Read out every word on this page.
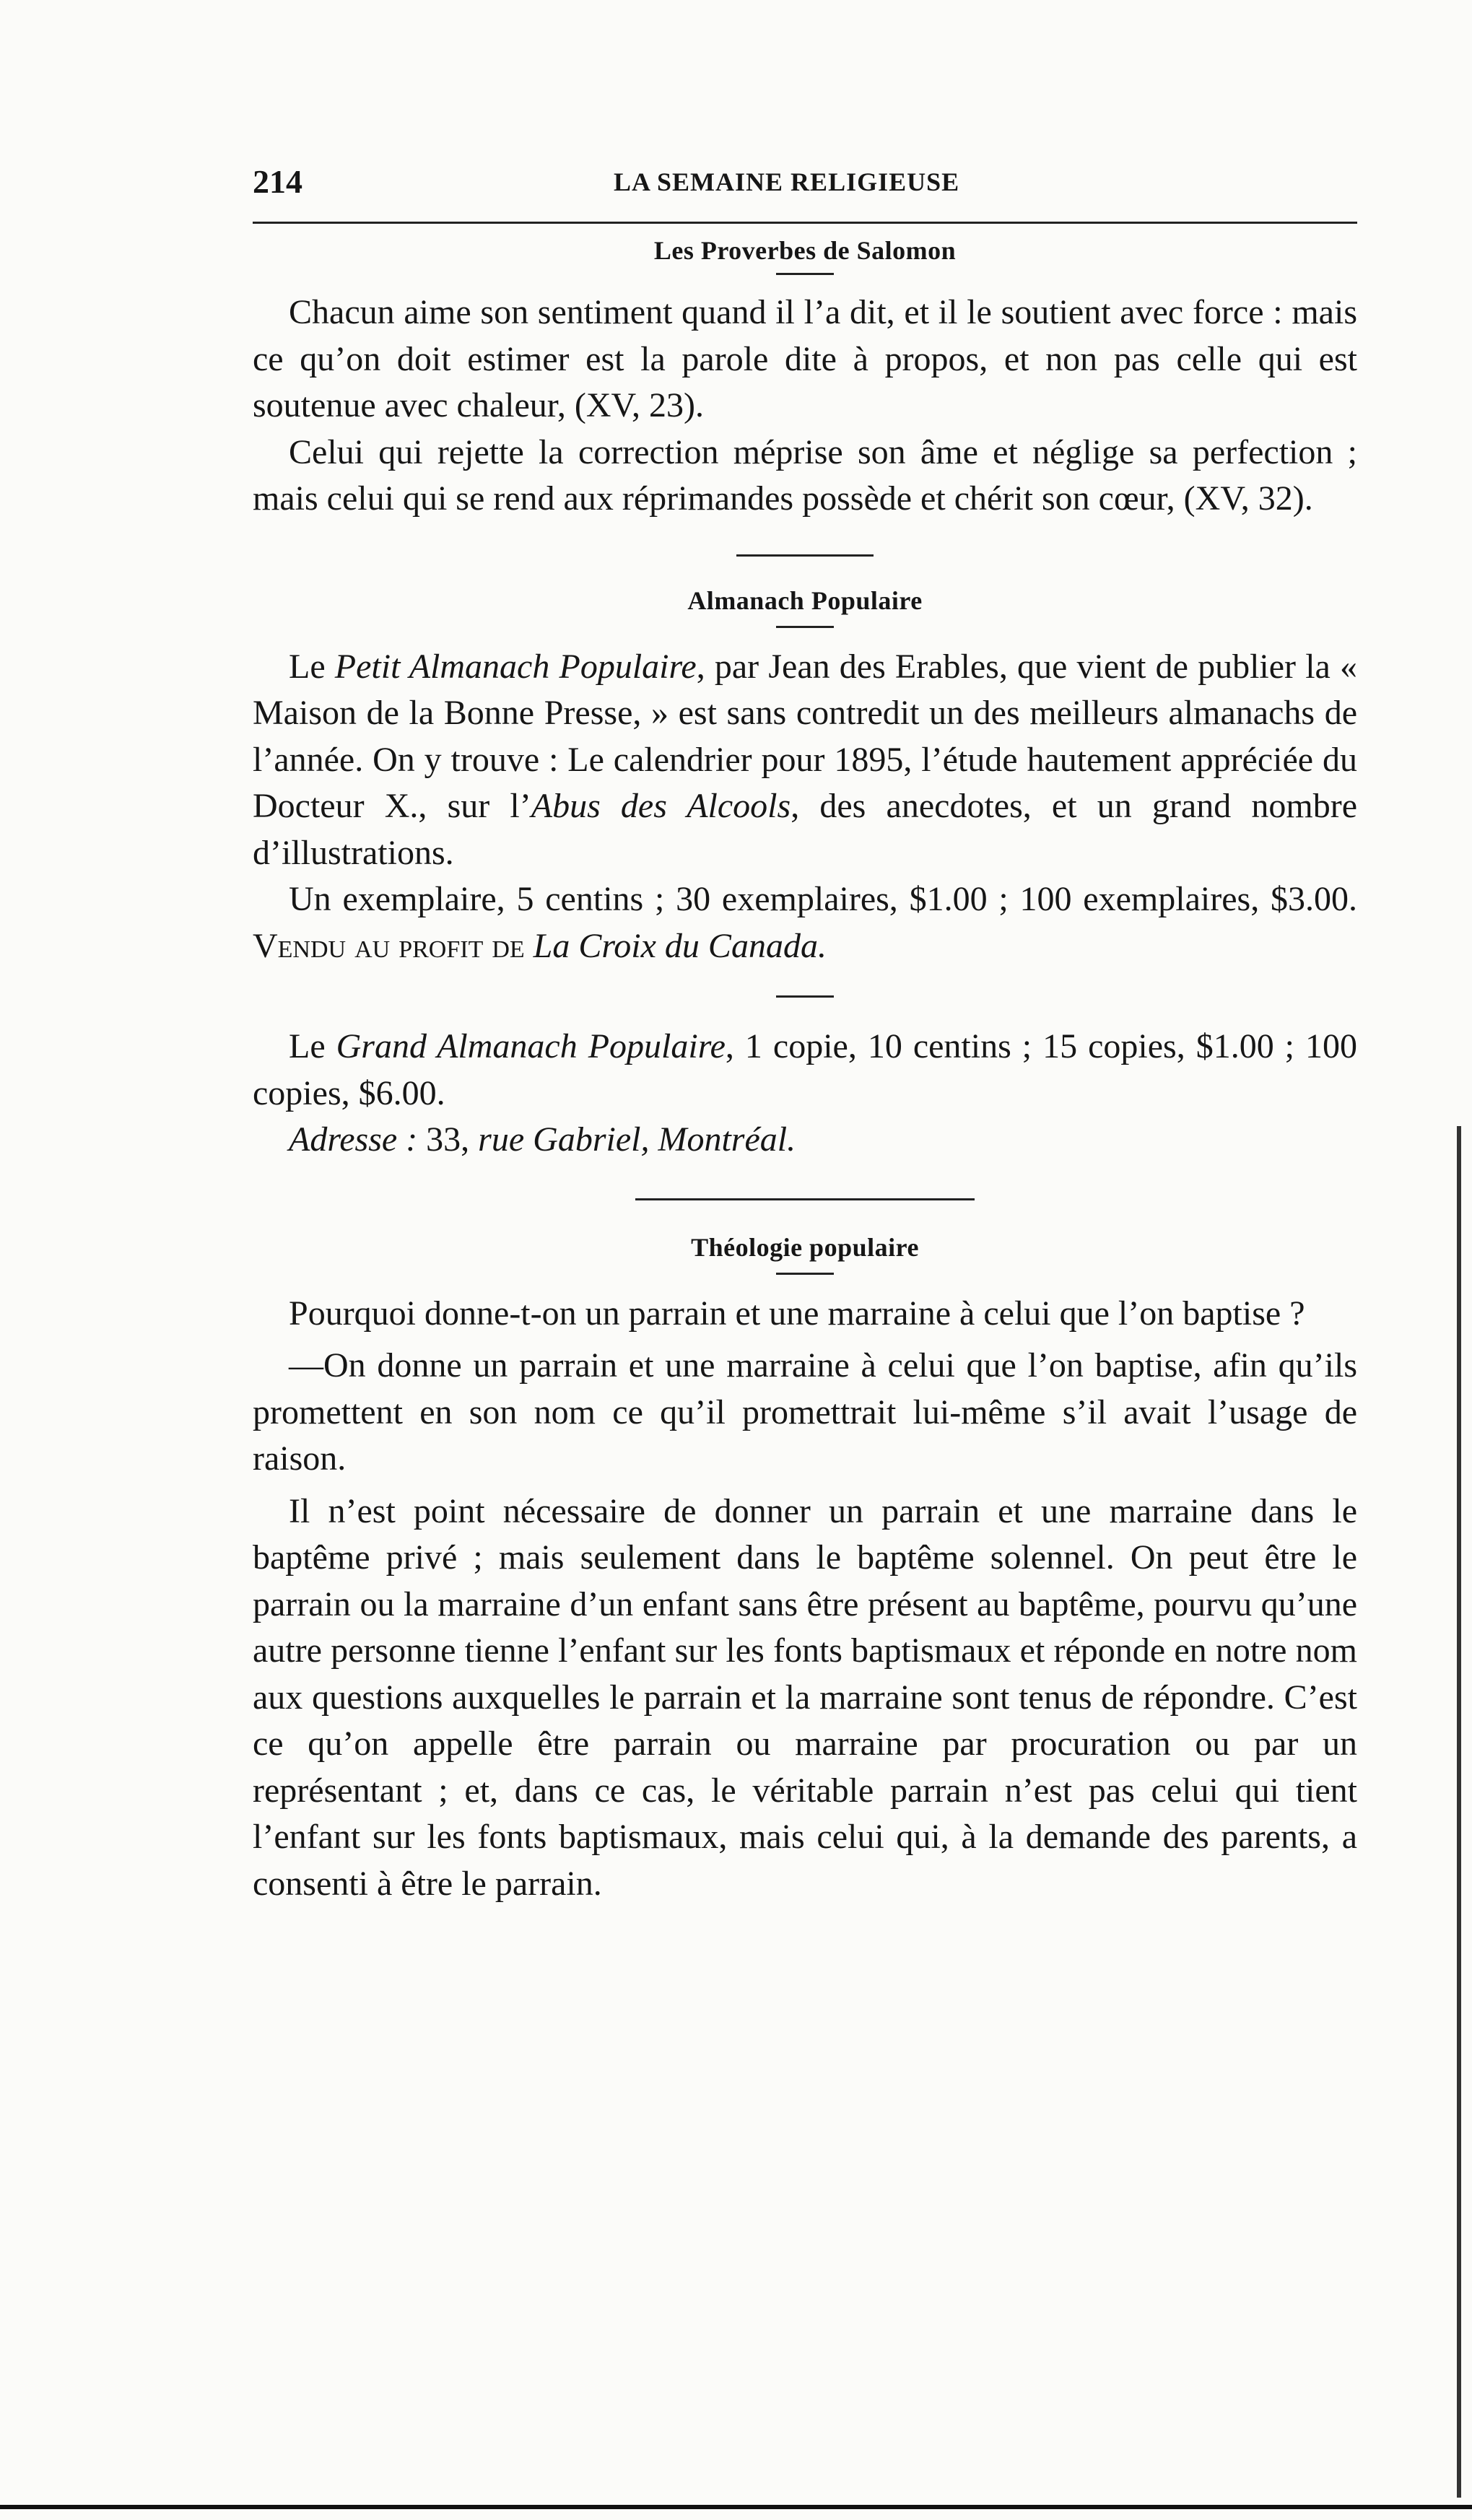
214	LA SEMAINE RELIGIEUSE
Les Proverbes de Salomon

Chacun aime son sentiment quand il l’a dit, et il le soutient avec force : mais ce qu’on doit estimer est la parole dite à propos, et non pas celle qui est soutenue avec chaleur, (XV, 23).

Celui qui rejette la correction méprise son âme et néglige sa perfection ; mais celui qui se rend aux réprimandes possède et chérit son cœur, (XV, 32).

Almanach Populaire

Le Petit Almanach Populaire, par Jean des Erables, que vient de publier la « Maison de la Bonne Presse, » est sans contredit un des meilleurs almanachs de l’année. On y trouve : Le calendrier pour 1895, l’étude hautement appréciée du Docteur X., sur l’Abus des Alcools, des anecdotes, et un grand nombre d’illustrations.

Un exemplaire, 5 centins ; 30 exemplaires, $1.00 ; 100 exemplaires, $3.00. Vendu au profit de La Croix du Canada.

Le Grand Almanach Populaire, 1 copie, 10 centins ; 15 copies, $1.00 ; 100 copies, $6.00.

Adresse : 33, rue Gabriel, Montréal.

Théologie populaire

Pourquoi donne-t-on un parrain et une marraine à celui que l’on baptise ?

—On donne un parrain et une marraine à celui que l’on baptise, afin qu’ils promettent en son nom ce qu’il promettrait lui-même s’il avait l’usage de raison.

Il n’est point nécessaire de donner un parrain et une marraine dans le baptême privé ; mais seulement dans le baptême solennel. On peut être le parrain ou la marraine d’un enfant sans être présent au baptême, pourvu qu’une autre personne tienne l’enfant sur les fonts baptismaux et réponde en notre nom aux questions auxquelles le parrain et la marraine sont tenus de répondre. C’est ce qu’on appelle être parrain ou marraine par procuration ou par un représentant ; et, dans ce cas, le véritable parrain n’est pas celui qui tient l’enfant sur les fonts baptismaux, mais celui qui, à la demande des parents, a consenti à être le parrain.
